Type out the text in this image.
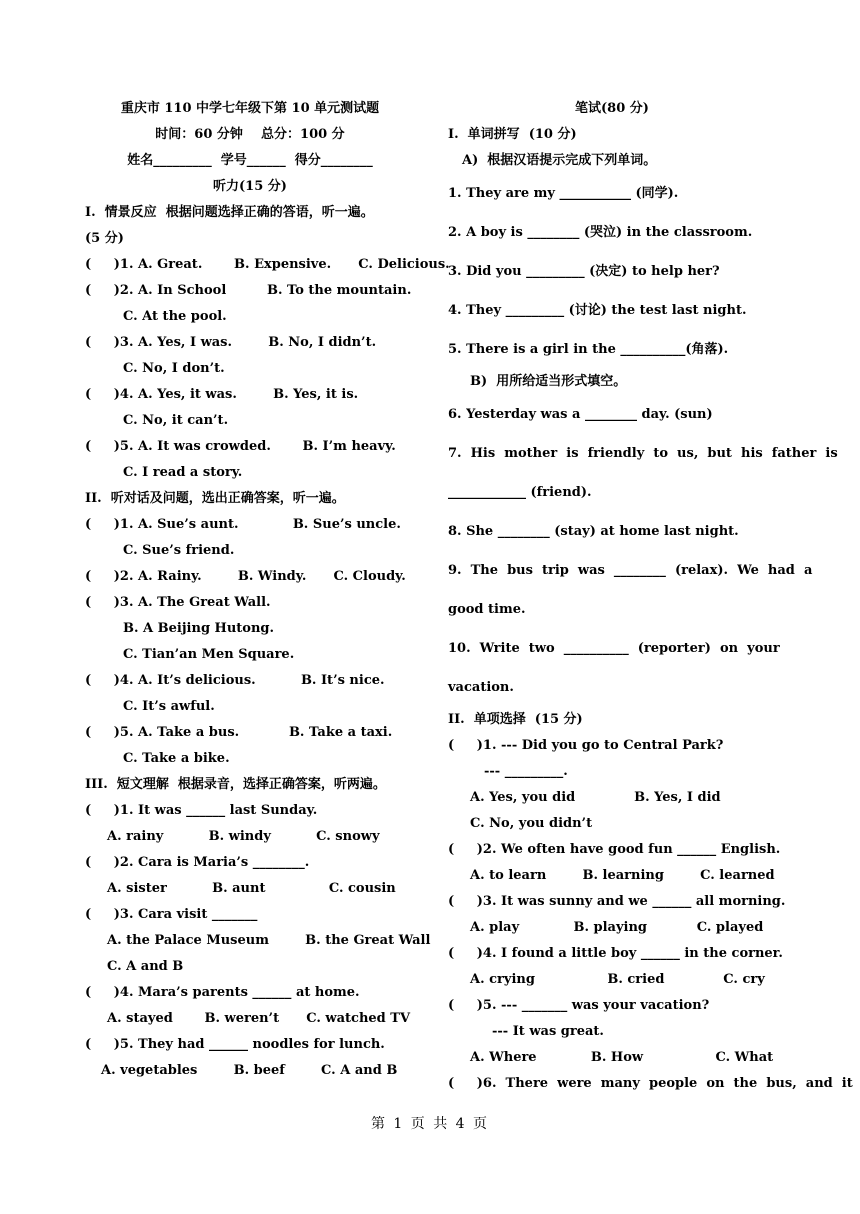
重庆市 110 中学七年级下第 10 单元测试题
时间：60 分钟    总分：100 分
姓名_________  学号______  得分________
听力(15 分)
I.  情景反应  根据问题选择正确的答语，听一遍。
(5 分)
(     )1. A. Great.       B. Expensive.      C. Delicious.
(     )2. A. In School         B. To the mountain.
C. At the pool.
(     )3. A. Yes, I was.        B. No, I didn’t.
C. No, I don’t.
(     )4. A. Yes, it was.        B. Yes, it is.
C. No, it can’t.
(     )5. A. It was crowded.       B. I’m heavy.
C. I read a story.
II.  听对话及问题，选出正确答案，听一遍。
(     )1. A. Sue’s aunt.            B. Sue’s uncle.
C. Sue’s friend.
(     )2. A. Rainy.        B. Windy.      C. Cloudy.
(     )3. A. The Great Wall.
B. A Beijing Hutong.
C. Tian’an Men Square.
(     )4. A. It’s delicious.          B. It’s nice.
C. It’s awful.
(     )5. A. Take a bus.           B. Take a taxi.
C. Take a bike.
III.  短文理解  根据录音，选择正确答案，听两遍。
(     )1. It was ______ last Sunday.
A. rainy          B. windy          C. snowy
(     )2. Cara is Maria’s ________.
A. sister          B. aunt              C. cousin
(     )3. Cara visit _______
A. the Palace Museum        B. the Great Wall
C. A and B
(     )4. Mara’s parents ______ at home.
A. stayed       B. weren’t      C. watched TV
(     )5. They had ______ noodles for lunch.
A. vegetables        B. beef        C. A and B
笔试(80 分)
I.  单词拼写  (10 分)
A)  根据汉语提示完成下列单词。
1. They are my ___________ (同学).
2. A boy is ________ (哭泣) in the classroom.
3. Did you _________ (决定) to help her?
4. They _________ (讨论) the test last night.
5. There is a girl in the __________(角落).
B)  用所给适当形式填空。
6. Yesterday was a ________ day. (sun)
7.  His  mother  is  friendly  to  us,  but  his  father  is
____________ (friend).
8. She ________ (stay) at home last night.
9.  The  bus  trip  was  ________  (relax).  We  had  a
good time.
10.  Write  two  __________  (reporter)  on  your
vacation.
II.  单项选择  (15 分)
(     )1. --- Did you go to Central Park?
--- _________.
A. Yes, you did             B. Yes, I did
C. No, you didn’t
(     )2. We often have good fun ______ English.
A. to learn        B. learning        C. learned
(     )3. It was sunny and we ______ all morning.
A. play            B. playing           C. played
(     )4. I found a little boy ______ in the corner.
A. crying                B. cried             C. cry
(     )5. --- _______ was your vacation?
--- It was great.
A. Where            B. How                C. What
(     )6.  There  were  many  people  on  the  bus,  and  it
第 1 页 共 4 页
